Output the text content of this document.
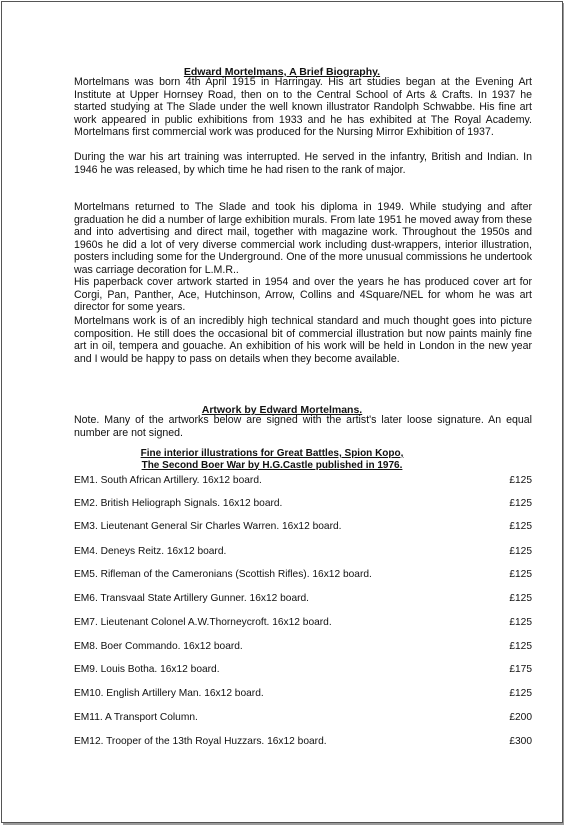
Edward Mortelmans, A Brief Biography.
Mortelmans was born 4th April 1915 in Harringay. His art studies began at the Evening Art Institute at Upper Hornsey Road, then on to the Central School of Arts & Crafts. In 1937 he started studying at The Slade under the well known illustrator Randolph Schwabbe. His fine art work appeared in public exhibitions from 1933 and he has exhibited at The Royal Academy. Mortelmans first commercial work was produced for the Nursing Mirror Exhibition of 1937.
During the war his art training was interrupted. He served in the infantry, British and Indian. In 1946 he was released, by which time he had risen to the rank of major.
Mortelmans returned to The Slade and took his diploma in 1949. While studying and after graduation he did a number of large exhibition murals. From late 1951 he moved away from these and into advertising and direct mail, together with magazine work. Throughout the 1950s and 1960s he did a lot of very diverse commercial work including dust-wrappers, interior illustration, posters including some for the Underground. One of the more unusual commissions he undertook was carriage decoration for L.M.R..
His paperback cover artwork started in 1954 and over the years he has produced cover art for Corgi, Pan, Panther, Ace, Hutchinson, Arrow, Collins and 4Square/NEL for whom he was art director for some years.
Mortelmans work is of an incredibly high technical standard and much thought goes into picture composition. He still does the occasional bit of commercial illustration but now paints mainly fine art in oil, tempera and gouache. An exhibition of his work will be held in London in the new year and I would be happy to pass on details when they become available.
Artwork by Edward Mortelmans.
Note. Many of the artworks below are signed with the artist's later loose signature. An equal number are not signed.
Fine interior illustrations for Great Battles, Spion Kopo,
The Second Boer War by H.G.Castle published in 1976.
EM1. South African Artillery. 16x12 board.	£125
EM2. British Heliograph Signals. 16x12 board.	£125
EM3. Lieutenant General Sir Charles Warren. 16x12 board.	£125
EM4. Deneys Reitz. 16x12 board.	£125
EM5. Rifleman of the Cameronians (Scottish Rifles). 16x12 board.	£125
EM6. Transvaal State Artillery Gunner. 16x12 board.	£125
EM7. Lieutenant Colonel A.W.Thorneycroft. 16x12 board.	£125
EM8. Boer Commando. 16x12 board.	£125
EM9. Louis Botha. 16x12 board.	£175
EM10. English Artillery Man. 16x12 board.	£125
EM11. A Transport Column.	£200
EM12. Trooper of the 13th Royal Huzzars. 16x12 board.	£300
